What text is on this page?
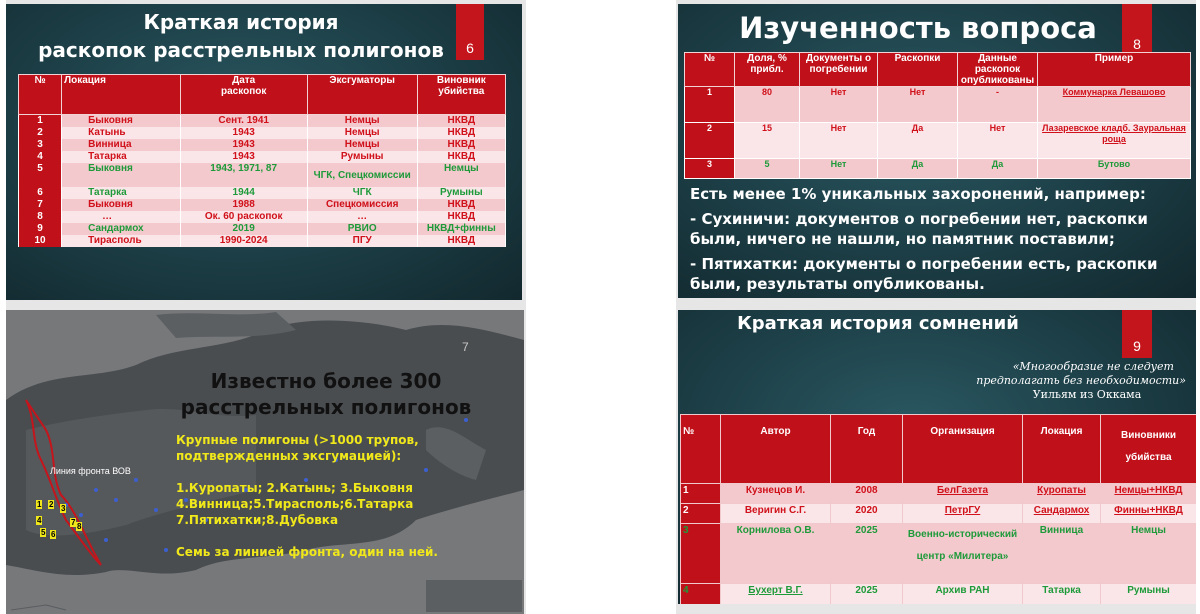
Краткая история
раскопок расстрельных полигонов	6
№	Локация	Дата раскопок	Эксгуматоры	Виновник убийства
1	Быковня	Сент. 1941	Немцы	НКВД
2	Катынь	1943	Немцы	НКВД
3	Винница	1943	Немцы	НКВД
4	Татарка	1943	Румыны	НКВД
5	Быковня	1943, 1971, 87	ЧГК, Спецкомиссии	Немцы
6	Татарка	1944	ЧГК	Румыны
7	Быковня	1988	Спецкомиссия	НКВД
8	…	Ок. 60 раскопок	…	НКВД
9	Сандармох	2019	РВИО	НКВД+финны
10	Тирасполь	1990-2024	ПГУ	НКВД
7
Известно более 300
расстрельных полигонов
Крупные полигоны (>1000 трупов,
подтвержденных эксгумацией):
1.Куропаты; 2.Катынь; 3.Быковня
4.Винница;5.Тирасполь;6.Татарка
7.Пятихатки;8.Дубовка
Семь за линией фронта, один на ней.
Линия фронта ВОВ
1 2 3
4
5 6
7 8
Изученность вопроса	8
№	Доля, % прибл.	Документы о погребении	Раскопки	Данные раскопок опубликованы	Пример
1	80	Нет	Нет	-	Коммунарка Левашово
2	15	Нет	Да	Нет	Лазаревское кладб. Зауральная роща
3	5	Нет	Да	Да	Бутово
Есть менее 1% уникальных захоронений, например:
- Сухиничи: документов о погребении нет, раскопки были, ничего не нашли, но памятник поставили;
- Пятихатки: документы о погребении есть, раскопки были, результаты опубликованы.
Краткая история сомнений
9
«Многообразие не следует
предполагать без необходимости»
Уильям из Оккама
№	Автор	Год	Организация	Локация	Виновники убийства
1	Кузнецов И.	2008	БелГазета	Куропаты	Немцы+НКВД
2	Веригин С.Г.	2020	ПетрГУ	Сандармох	Финны+НКВД
3	Корнилова О.В.	2025	Военно-исторический центр «Милитера»	Винница	Немцы
4	Бухерт В.Г.	2025	Архив РАН	Татарка	Румыны
